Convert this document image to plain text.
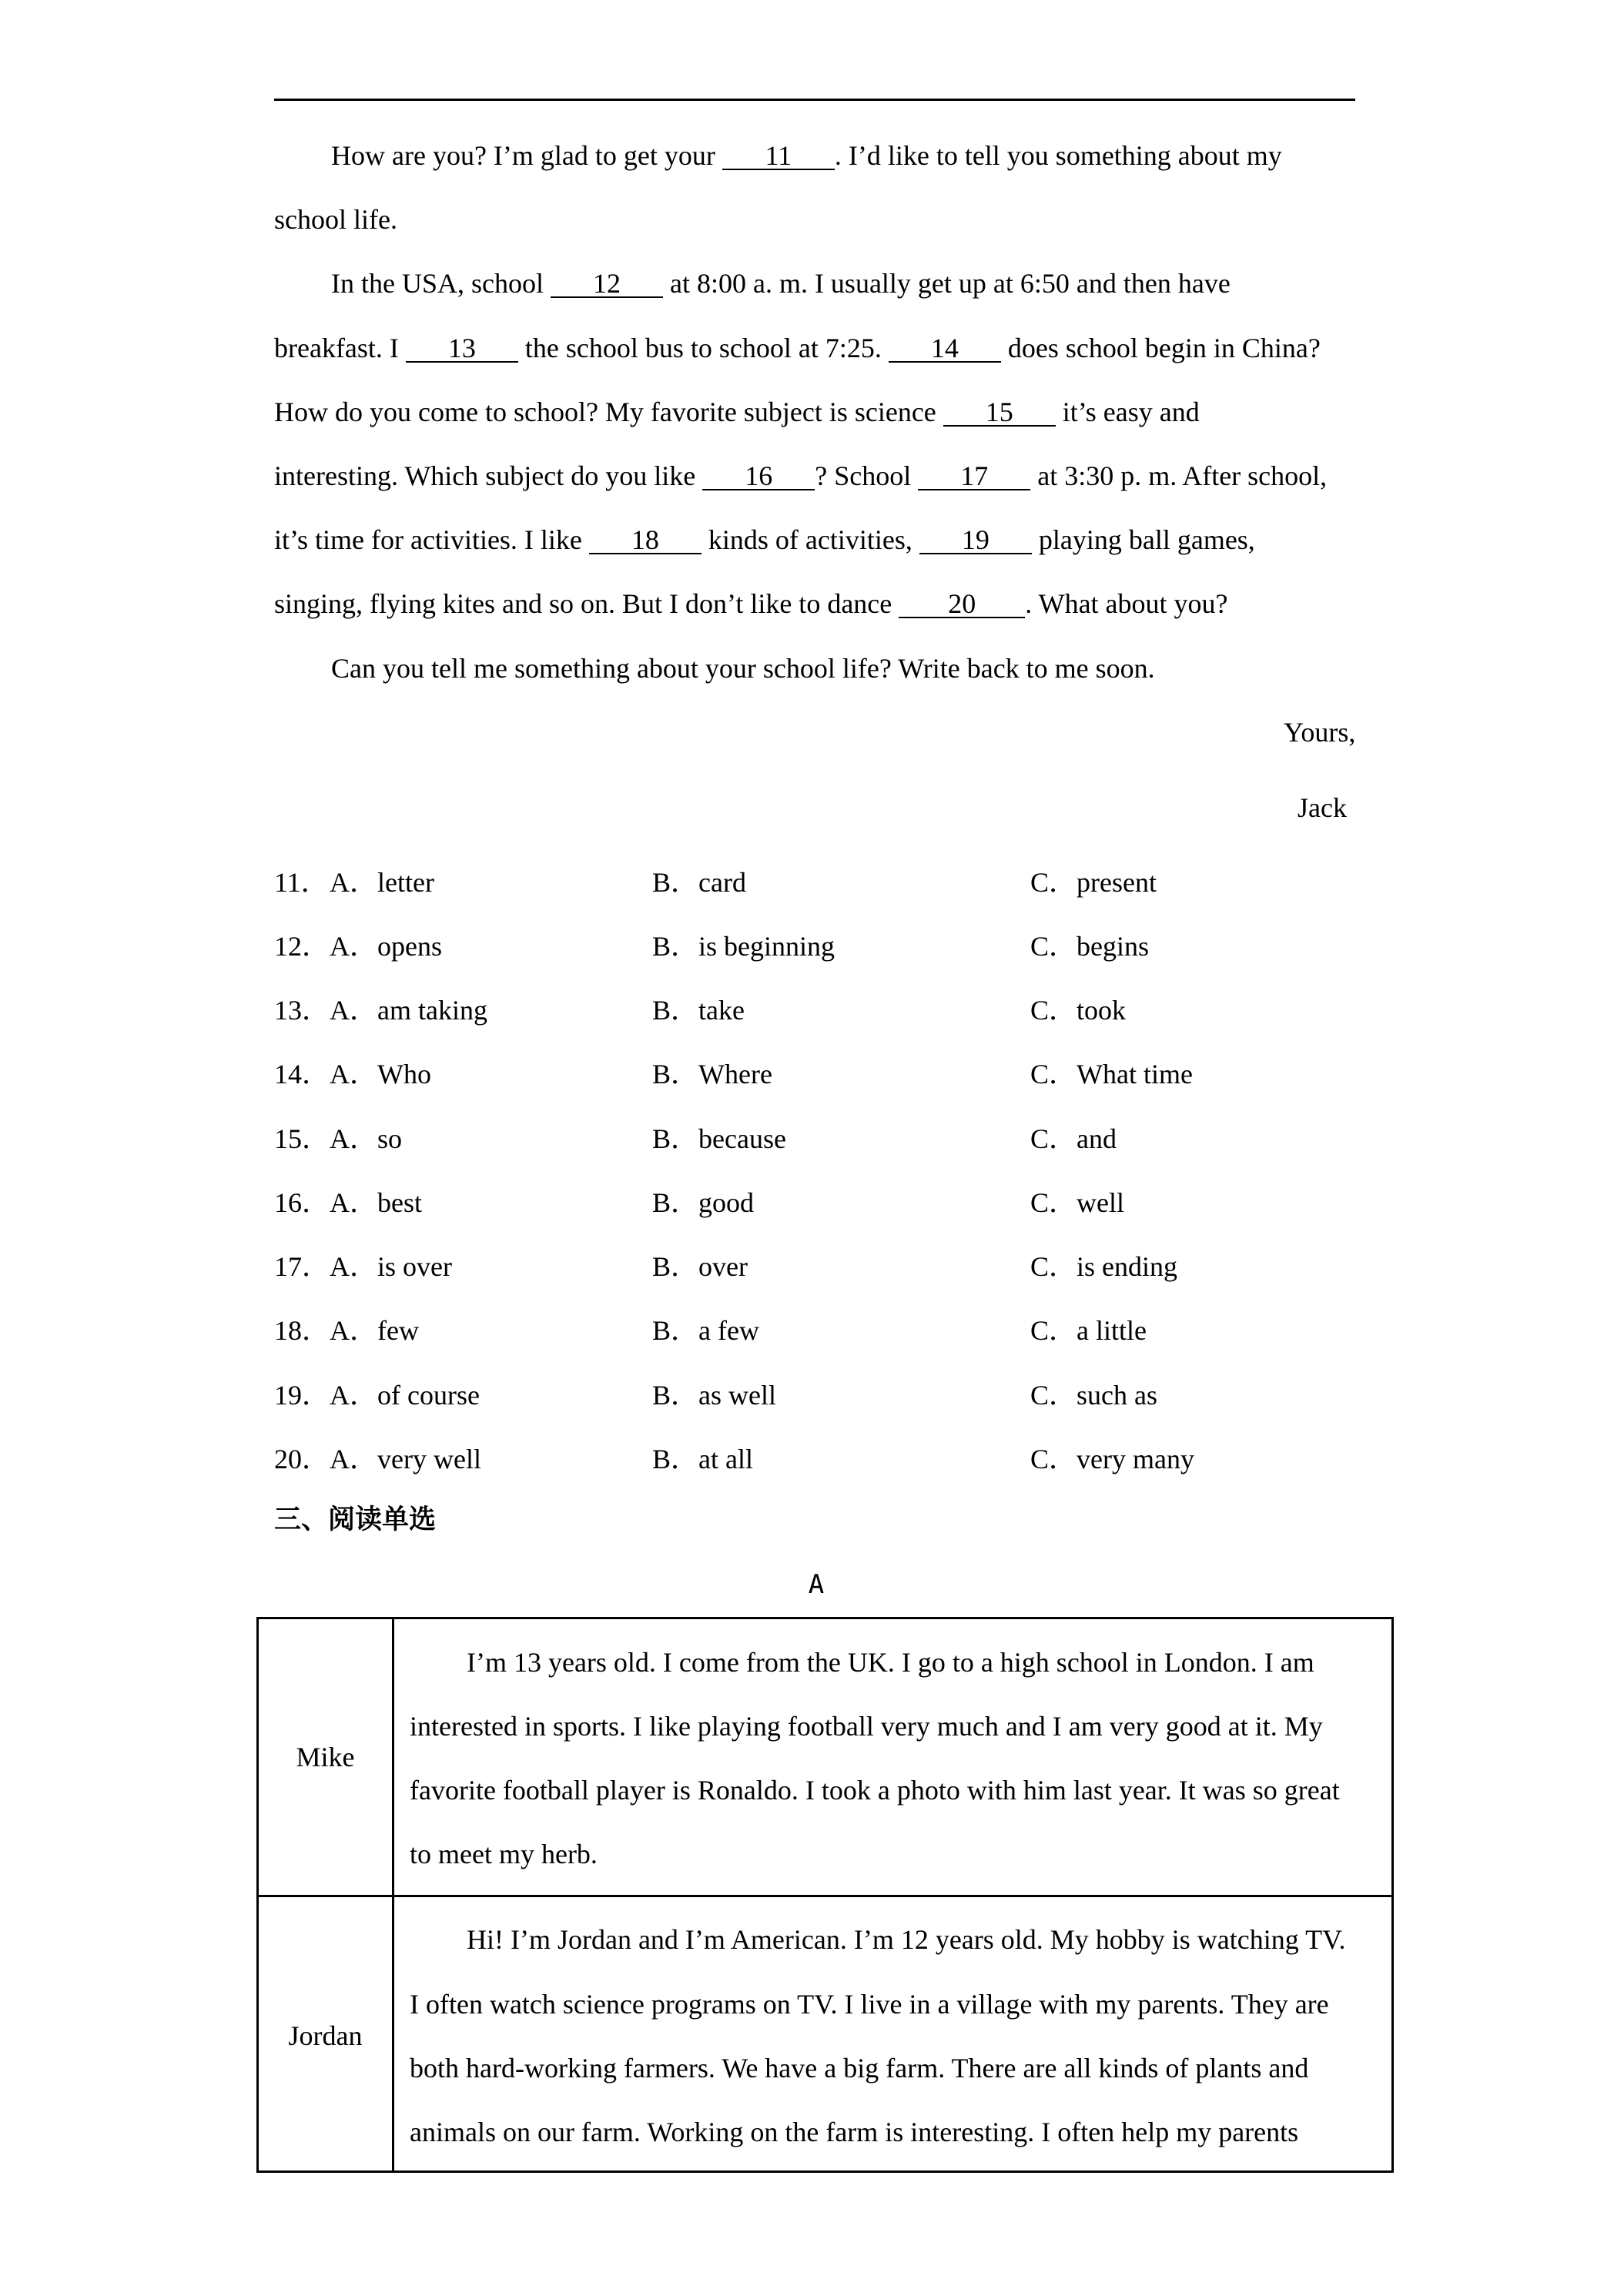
How are you? I’m glad to get your 11 . I’d like to tell you something about my
school life.
In the USA, school 12 at 8:00 a. m. I usually get up at 6:50 and then have
breakfast. I 13 the school bus to school at 7:25. 14 does school begin in China?
How do you come to school? My favorite subject is science 15 it’s easy and
interesting. Which subject do you like 16 ? School 17 at 3:30 p. m. After school,
it’s time for activities. I like 18 kinds of activities, 19 playing ball games,
singing, flying kites and so on. But I don’t like to dance 20 . What about you?
Can you tell me something about your school life? Write back to me soon.
Yours,
Jack
11． A．letter	B．card	C．present
12． A．opens	B．is beginning	C．begins
13． A．am taking	B．take	C．took
14． A．Who	B．Where	C．What time
15． A．so	B．because	C．and
16． A．best	B．good	C．well
17． A．is over	B．over	C．is ending
18． A．few	B．a few	C．a little
19． A．of course	B．as well	C．such as
20． A．very well	B．at all	C．very many
三、阅读单选
A
Mike
I’m 13 years old. I come from the UK. I go to a high school in London. I am
interested in sports. I like playing football very much and I am very good at it. My
favorite football player is Ronaldo. I took a photo with him last year. It was so great
to meet my herb.
Jordan
Hi! I’m Jordan and I’m American. I’m 12 years old. My hobby is watching TV.
I often watch science programs on TV. I live in a village with my parents. They are
both hard-working farmers. We have a big farm. There are all kinds of plants and
animals on our farm. Working on the farm is interesting. I often help my parents
